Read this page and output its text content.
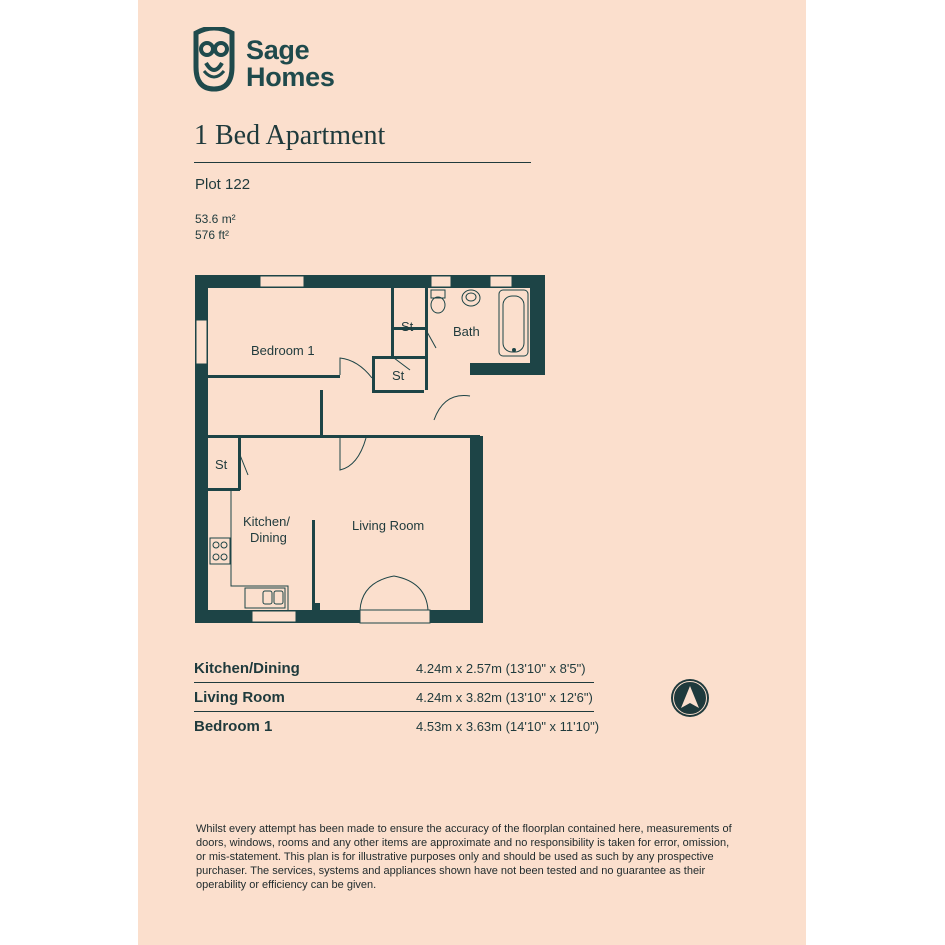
Sage
Homes
1 Bed Apartment
Plot 122
53.6 m²
576 ft²
Bedroom 1
Bath
St
St
St
Kitchen/
Dining
Living Room
Kitchen/Dining	4.24m x 2.57m (13'10" x 8'5")
Living Room	4.24m x 3.82m (13'10" x 12'6")
Bedroom 1	4.53m x 3.63m (14'10" x 11'10")
Whilst every attempt has been made to ensure the accuracy of the floorplan contained here, measurements of doors, windows, rooms and any other items are approximate and no responsibility is taken for error, omission, or mis-statement. This plan is for illustrative purposes only and should be used as such by any prospective purchaser. The services, systems and appliances shown have not been tested and no guarantee as their operability or efficiency can be given.
